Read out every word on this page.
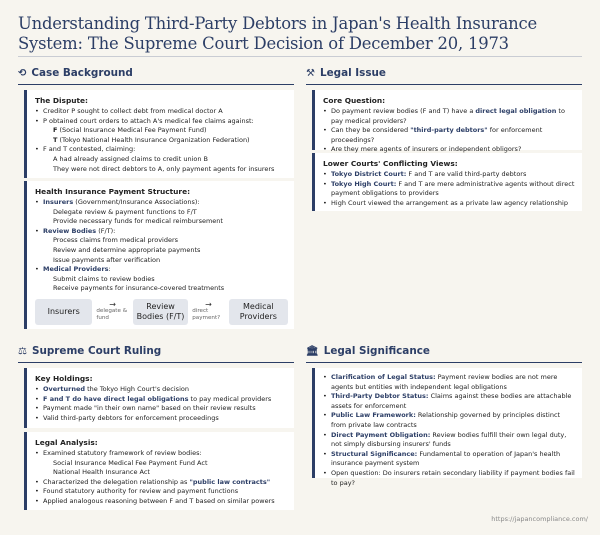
Understanding Third-Party Debtors in Japan's Health Insurance System: The Supreme Court Decision of December 20, 1973
⟲ Case Background
The Dispute:
• Creditor P sought to collect debt from medical doctor A
• P obtained court orders to attach A's medical fee claims against:
F (Social Insurance Medical Fee Payment Fund)
T (Tokyo National Health Insurance Organization Federation)
• F and T contested, claiming:
A had already assigned claims to credit union B
They were not direct debtors to A, only payment agents for insurers
Health Insurance Payment Structure:
• Insurers (Government/Insurance Associations):
Delegate review & payment functions to F/T
Provide necessary funds for medical reimbursement
• Review Bodies (F/T):
Process claims from medical providers
Review and determine appropriate payments
Issue payments after verification
• Medical Providers:
Submit claims to review bodies
Receive payments for insurance-covered treatments
Insurers
→
delegate & fund
Review Bodies (F/T)
→
direct payment?
Medical Providers
⚒ Legal Issue
Core Question:
• Do payment review bodies (F and T) have a direct legal obligation to pay medical providers?
• Can they be considered "third-party debtors" for enforcement proceedings?
• Are they mere agents of insurers or independent obligors?
Lower Courts' Conflicting Views:
• Tokyo District Court: F and T are valid third-party debtors
• Tokyo High Court: F and T are mere administrative agents without direct payment obligations to providers
• High Court viewed the arrangement as a private law agency relationship
⚖ Supreme Court Ruling
Key Holdings:
• Overturned the Tokyo High Court's decision
• F and T do have direct legal obligations to pay medical providers
• Payment made "in their own name" based on their review results
• Valid third-party debtors for enforcement proceedings
Legal Analysis:
• Examined statutory framework of review bodies:
Social Insurance Medical Fee Payment Fund Act
National Health Insurance Act
• Characterized the delegation relationship as "public law contracts"
• Found statutory authority for review and payment functions
• Applied analogous reasoning between F and T based on similar powers
🏛 Legal Significance
• Clarification of Legal Status: Payment review bodies are not mere agents but entities with independent legal obligations
• Third-Party Debtor Status: Claims against these bodies are attachable assets for enforcement
• Public Law Framework: Relationship governed by principles distinct from private law contracts
• Direct Payment Obligation: Review bodies fulfill their own legal duty, not simply disbursing insurers' funds
• Structural Significance: Fundamental to operation of Japan's health insurance payment system
• Open question: Do insurers retain secondary liability if payment bodies fail to pay?
https://japancompliance.com/
